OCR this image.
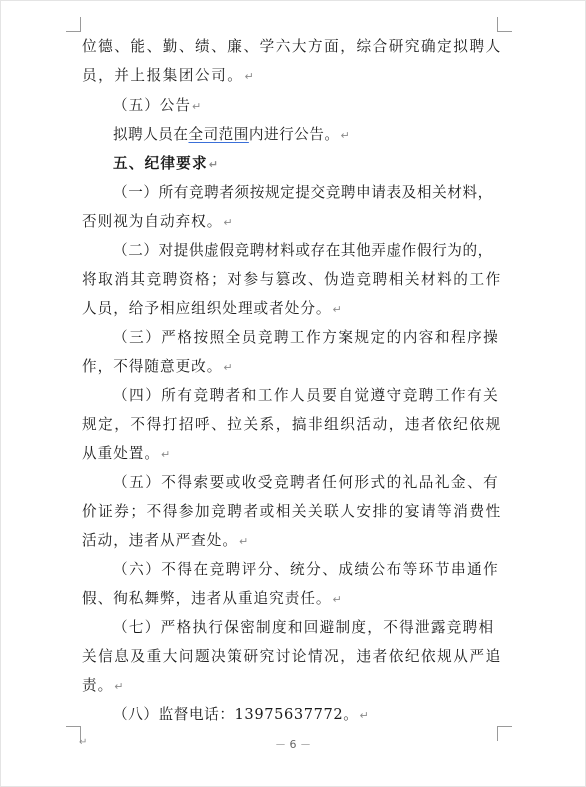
位德、能、勤、绩、廉、学六大方面，综合研究确定拟聘人
员，并上报集团公司。↵
（五）公告↵
拟聘人员在全司范围内进行公告。↵
五、纪律要求↵
（一）所有竞聘者须按规定提交竞聘申请表及相关材料，
否则视为自动弃权。↵
（二）对提供虚假竞聘材料或存在其他弄虚作假行为的，
将取消其竞聘资格；对参与篡改、伪造竞聘相关材料的工作
人员，给予相应组织处理或者处分。↵
（三）严格按照全员竞聘工作方案规定的内容和程序操
作，不得随意更改。↵
（四）所有竞聘者和工作人员要自觉遵守竞聘工作有关
规定，不得打招呼、拉关系，搞非组织活动，违者依纪依规
从重处置。↵
（五）不得索要或收受竞聘者任何形式的礼品礼金、有
价证券；不得参加竞聘者或相关关联人安排的宴请等消费性
活动，违者从严查处。↵
（六）不得在竞聘评分、统分、成绩公布等环节串通作
假、徇私舞弊，违者从重追究责任。↵
（七）严格执行保密制度和回避制度，不得泄露竞聘相
关信息及重大问题决策研究讨论情况，违者依纪依规从严追
责。↵
（八）监督电话：13975637772。↵
↵	－ 6 －
